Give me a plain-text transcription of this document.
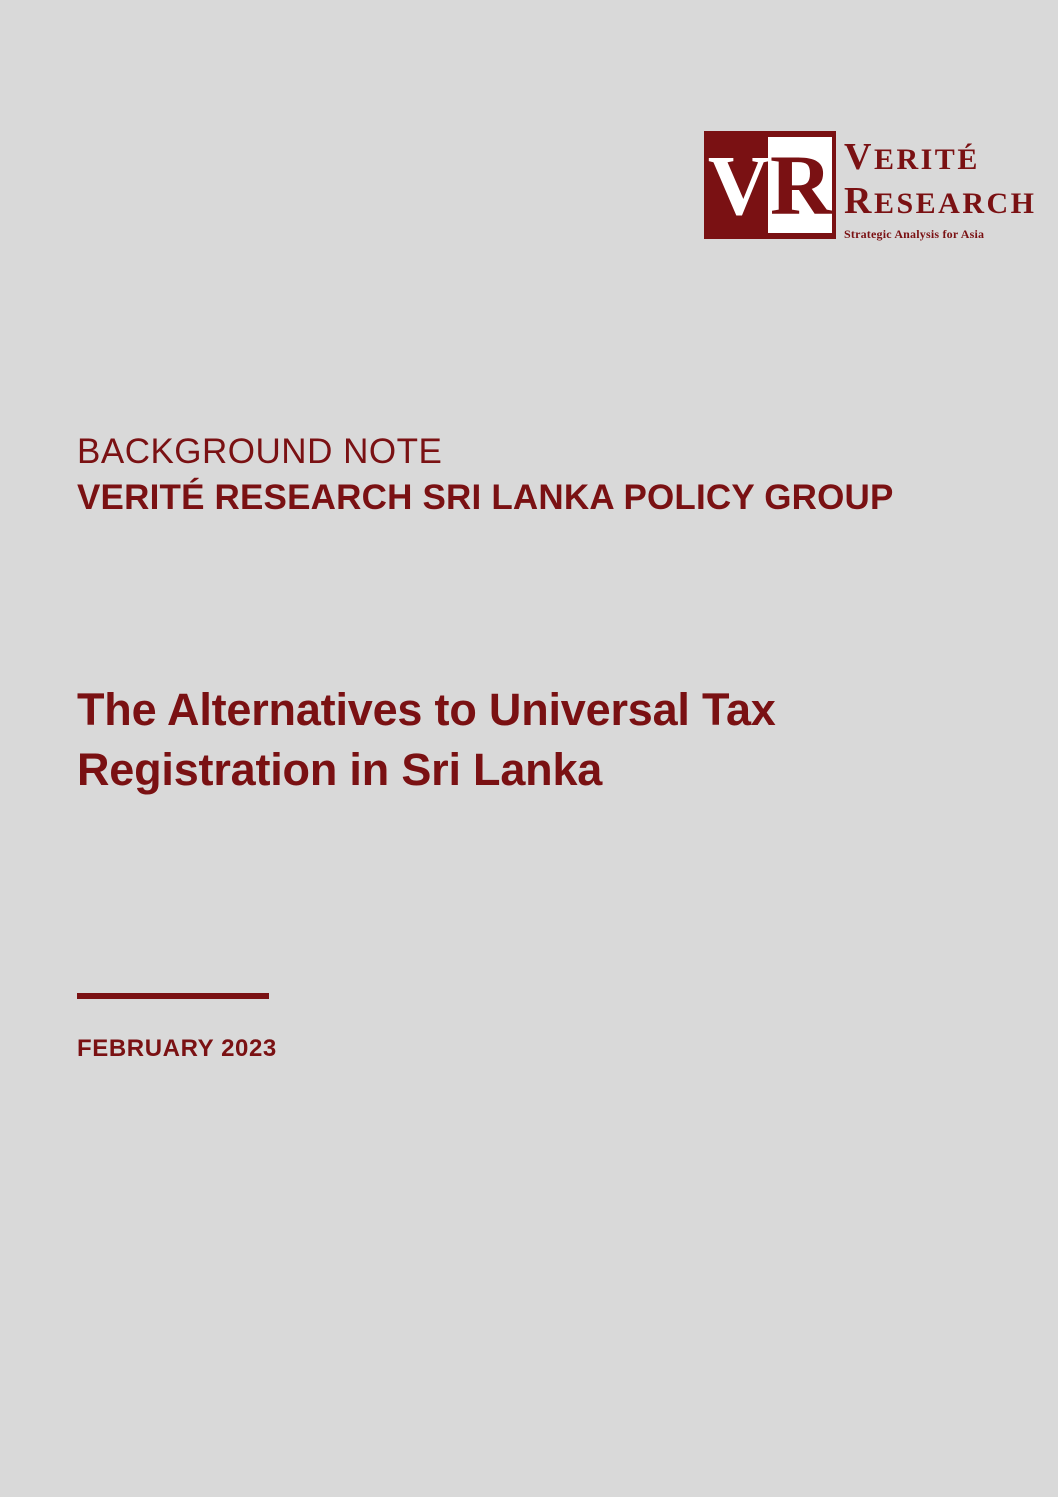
VR VERITÉ
RESEARCH
Strategic Analysis for Asia
BACKGROUND NOTE
VERITÉ RESEARCH SRI LANKA POLICY GROUP
The Alternatives to Universal Tax Registration in Sri Lanka
FEBRUARY 2023
